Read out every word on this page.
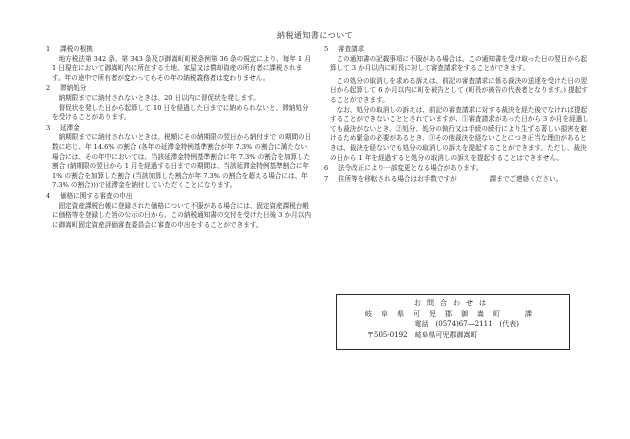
納税通知書について
1 課税の根拠

地方税法第 342 条、第 343 条及び御嵩町町税条例第 36 条の規定により、毎年 1 月 1 日現在において御嵩町内に所在する土地、家屋又は償却資産の所有者に課税されます。年の途中で所有者が変わってもその年の納税義務者は変わりません。

2 滞納処分

納期限までに納付されないときは、20 日以内に督促状を発します。

督促状を発した日から起算して 10 日を経過した日までに納められないと、滞納処分を受けることがあります。

3 延滞金

納期限までに納付されないときは、税額にその納期限の翌日から納付まで の期間の日数に応じ、年 14.6% の割合 (各年の延滞金特例基準割合が年 7.3% の割合に満たない場合には、その年中においては、当該延滞金特例基準割合に年 7.3% の割合を加算した割合 (納期限の翌日から 1 月を経過する日までの期間は、当該延滞金特例基準割合に年 1% の割合を加算した割合 (当該加算した割合が年 7.3% の割合を超える場合には、年 7.3% の割合)))で延滞金を納付していただくことになります。

4 価格に関する審査の申出

固定資産課税台帳に登録された価格について不服がある場合には、固定資産課税台帳に価格等を登録した旨の公示の日から、この納税通知書の交付を受けた日後 3 か月以内に御嵩町固定資産評価審査委員会に審査の申出をすることができます。

5 審査請求

この通知書の記載事項に不服がある場合は、この通知書を受け取った日の翌日から起算して 3 か月以内に町長に対して審査請求をすることができます。

この処分の取消しを求める訴えは、前記の審査請求に係る裁決の送達を受けた日の翌日から起算して 6 か月以内に町を被告として (町長が被告の代表者となります。) 提起することができます。

なお、処分の取消しの訴えは、前記の審査請求に対する裁決を経た後でなければ提起することができないこととされていますが、①審査請求があった日から 3 か月を経過しても裁決がないとき、②処分、処分の執行又は手続の続行により生ずる著しい損害を避けるため緊急の必要があるとき、③その他裁決を経ないことにつき正当な理由があるときは、裁決を経ないでも処分の取消しの訴えを提起することができます。ただし、裁決の日から 1 年を経過すると処分の取消しの訴えを提起することはできません。

6 法令改正により一部変更となる場合があります。
7 住所等を移転される場合はお手数ですが　　　　　課までご連絡ください。
お問合わせは
岐阜県可児郡御嵩町　課
電話　(0574)67―2111　(代表)
〒505-0192　岐阜県可児郡御嵩町
